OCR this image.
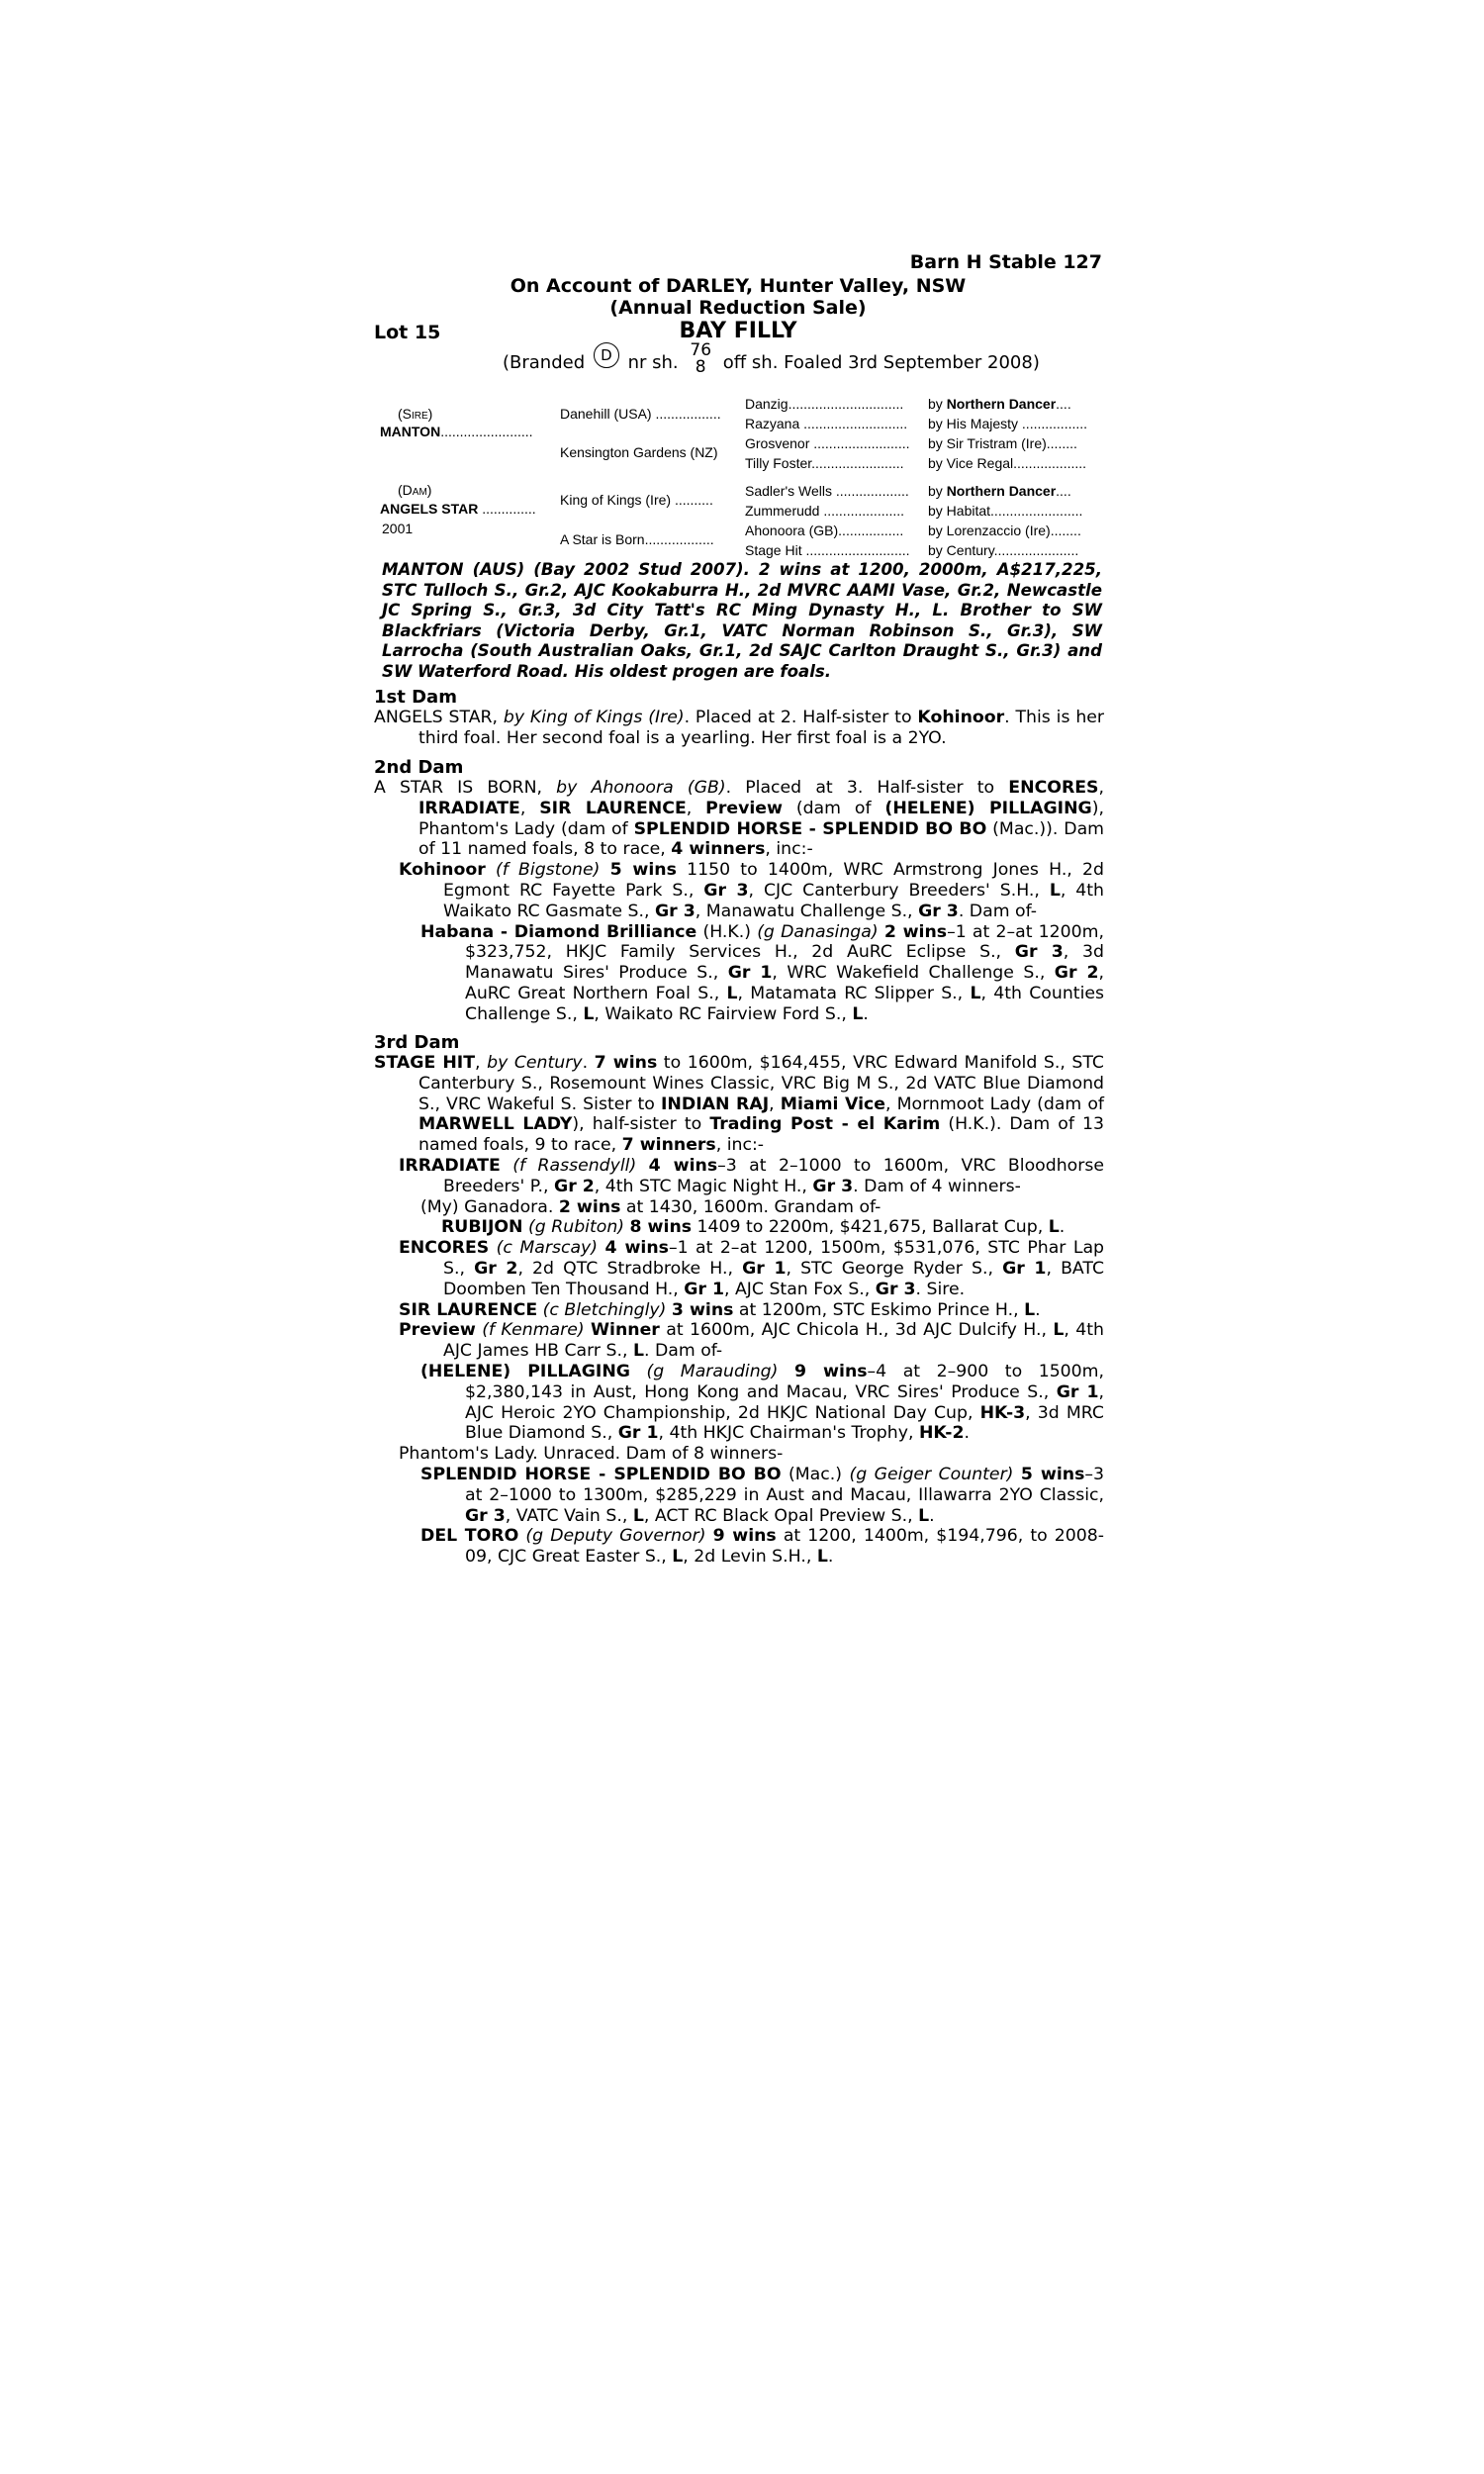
Barn H Stable 127
On Account of DARLEY, Hunter Valley, NSW
(Annual Reduction Sale)
Lot 15	BAY FILLY
(Branded D nr sh. 76
8 off sh. Foaled 3rd September 2008)
(Sire)
MANTON........................
(Dam)
ANGELS STAR ..............
2001
Danehill (USA) .................
Kensington Gardens (NZ)
King of Kings (Ire) ..........
A Star is Born..................
Danzig..............................
Razyana ...........................
Grosvenor .........................
Tilly Foster........................
Sadler's Wells ...................
Zummerudd .....................
Ahonoora (GB).................
Stage Hit ...........................
by Northern Dancer....
by His Majesty .................
by Sir Tristram (Ire)........
by Vice Regal...................
by Northern Dancer....
by Habitat........................
by Lorenzaccio (Ire)........
by Century......................
MANTON (AUS) (Bay 2002 Stud 2007). 2 wins at 1200, 2000m, A$217,225, STC Tulloch S., Gr.2, AJC Kookaburra H., 2d MVRC AAMI Vase, Gr.2, Newcastle JC Spring S., Gr.3, 3d City Tatt's RC Ming Dynasty H., L. Brother to SW Blackfriars (Victoria Derby, Gr.1, VATC Norman Robinson S., Gr.3), SW Larrocha (South Australian Oaks, Gr.1, 2d SAJC Carlton Draught S., Gr.3) and SW Waterford Road. His oldest progen are foals.
1st Dam

ANGELS STAR, by King of Kings (Ire). Placed at 2. Half-sister to Kohinoor. This is her third foal. Her second foal is a yearling. Her first foal is a 2YO.

2nd Dam

A STAR IS BORN, by Ahonoora (GB). Placed at 3. Half-sister to ENCORES, IRRADIATE, SIR LAURENCE, Preview (dam of (HELENE) PILLAGING), Phantom's Lady (dam of SPLENDID HORSE - SPLENDID BO BO (Mac.)). Dam of 11 named foals, 8 to race, 4 winners, inc:-

Kohinoor (f Bigstone) 5 wins 1150 to 1400m, WRC Armstrong Jones H., 2d Egmont RC Fayette Park S., Gr 3, CJC Canterbury Breeders' S.H., L, 4th Waikato RC Gasmate S., Gr 3, Manawatu Challenge S., Gr 3. Dam of-

Habana - Diamond Brilliance (H.K.) (g Danasinga) 2 wins–1 at 2–at 1200m, $323,752, HKJC Family Services H., 2d AuRC Eclipse S., Gr 3, 3d Manawatu Sires' Produce S., Gr 1, WRC Wakefield Challenge S., Gr 2, AuRC Great Northern Foal S., L, Matamata RC Slipper S., L, 4th Counties Challenge S., L, Waikato RC Fairview Ford S., L.

3rd Dam

STAGE HIT, by Century. 7 wins to 1600m, $164,455, VRC Edward Manifold S., STC Canterbury S., Rosemount Wines Classic, VRC Big M S., 2d VATC Blue Diamond S., VRC Wakeful S. Sister to INDIAN RAJ, Miami Vice, Mornmoot Lady (dam of MARWELL LADY), half-sister to Trading Post - el Karim (H.K.). Dam of 13 named foals, 9 to race, 7 winners, inc:-

IRRADIATE (f Rassendyll) 4 wins–3 at 2–1000 to 1600m, VRC Bloodhorse Breeders' P., Gr 2, 4th STC Magic Night H., Gr 3. Dam of 4 winners-

(My) Ganadora. 2 wins at 1430, 1600m. Grandam of-

RUBIJON (g Rubiton) 8 wins 1409 to 2200m, $421,675, Ballarat Cup, L.

ENCORES (c Marscay) 4 wins–1 at 2–at 1200, 1500m, $531,076, STC Phar Lap S., Gr 2, 2d QTC Stradbroke H., Gr 1, STC George Ryder S., Gr 1, BATC Doomben Ten Thousand H., Gr 1, AJC Stan Fox S., Gr 3. Sire.

SIR LAURENCE (c Bletchingly) 3 wins at 1200m, STC Eskimo Prince H., L.

Preview (f Kenmare) Winner at 1600m, AJC Chicola H., 3d AJC Dulcify H., L, 4th AJC James HB Carr S., L. Dam of-

(HELENE) PILLAGING (g Marauding) 9 wins–4 at 2–900 to 1500m, $2,380,143 in Aust, Hong Kong and Macau, VRC Sires' Produce S., Gr 1, AJC Heroic 2YO Championship, 2d HKJC National Day Cup, HK-3, 3d MRC Blue Diamond S., Gr 1, 4th HKJC Chairman's Trophy, HK-2.

Phantom's Lady. Unraced. Dam of 8 winners-

SPLENDID HORSE - SPLENDID BO BO (Mac.) (g Geiger Counter) 5 wins–3 at 2–1000 to 1300m, $285,229 in Aust and Macau, Illawarra 2YO Classic, Gr 3, VATC Vain S., L, ACT RC Black Opal Preview S., L.

DEL TORO (g Deputy Governor) 9 wins at 1200, 1400m, $194,796, to 2008-09, CJC Great Easter S., L, 2d Levin S.H., L.
